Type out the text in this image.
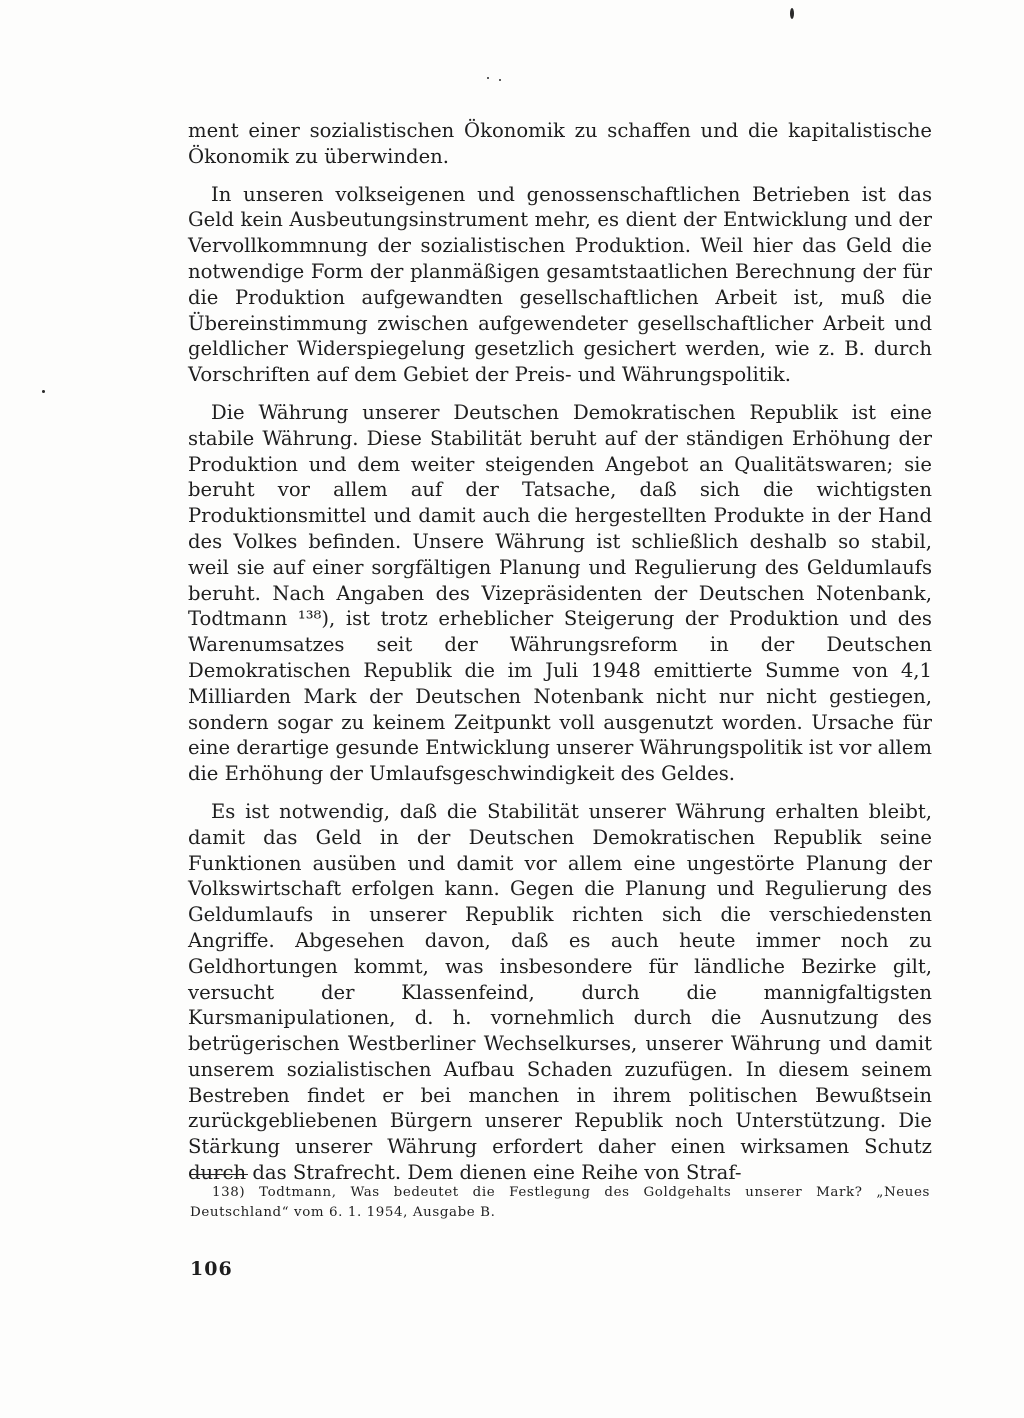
ment einer sozialistischen Ökonomik zu schaffen und die kapitalistische Ökonomik zu überwinden.

In unseren volkseigenen und genossenschaftlichen Betrieben ist das Geld kein Ausbeutungsinstrument mehr, es dient der Entwicklung und der Vervollkommnung der sozialistischen Produktion. Weil hier das Geld die notwendige Form der planmäßigen gesamtstaatlichen Berechnung der für die Produktion aufgewandten gesellschaftlichen Arbeit ist, muß die Übereinstimmung zwischen aufgewendeter gesellschaftlicher Arbeit und geldlicher Widerspiegelung gesetzlich gesichert werden, wie z. B. durch Vorschriften auf dem Gebiet der Preis- und Währungspolitik.

Die Währung unserer Deutschen Demokratischen Republik ist eine stabile Währung. Diese Stabilität beruht auf der ständigen Erhöhung der Produktion und dem weiter steigenden Angebot an Qualitätswaren; sie beruht vor allem auf der Tatsache, daß sich die wichtigsten Produktionsmittel und damit auch die hergestellten Produkte in der Hand des Volkes befinden. Unsere Währung ist schließlich deshalb so stabil, weil sie auf einer sorgfältigen Planung und Regulierung des Geldumlaufs beruht. Nach Angaben des Vizepräsidenten der Deutschen Notenbank, Todtmann ¹³⁸), ist trotz erheblicher Steigerung der Produktion und des Warenumsatzes seit der Währungsreform in der Deutschen Demokratischen Republik die im Juli 1948 emittierte Summe von 4,1 Milliarden Mark der Deutschen Notenbank nicht nur nicht gestiegen, sondern sogar zu keinem Zeitpunkt voll ausgenutzt worden. Ursache für eine derartige gesunde Entwicklung unserer Währungspolitik ist vor allem die Erhöhung der Umlaufsgeschwindigkeit des Geldes.

Es ist notwendig, daß die Stabilität unserer Währung erhalten bleibt, damit das Geld in der Deutschen Demokratischen Republik seine Funktionen ausüben und damit vor allem eine ungestörte Planung der Volkswirtschaft erfolgen kann. Gegen die Planung und Regulierung des Geldumlaufs in unserer Republik richten sich die verschiedensten Angriffe. Abgesehen davon, daß es auch heute immer noch zu Geldhortungen kommt, was insbesondere für ländliche Bezirke gilt, versucht der Klassenfeind, durch die mannigfaltigsten Kursmanipulationen, d. h. vornehmlich durch die Ausnutzung des betrügerischen Westberliner Wechselkurses, unserer Währung und damit unserem sozialistischen Aufbau Schaden zuzufügen. In diesem seinem Bestreben findet er bei manchen in ihrem politischen Bewußtsein zurückgebliebenen Bürgern unserer Republik noch Unterstützung. Die Stärkung unserer Währung erfordert daher einen wirksamen Schutz durch das Strafrecht. Dem dienen eine Reihe von Straf-

138) Todtmann, Was bedeutet die Festlegung des Goldgehalts unserer Mark? „Neues Deutschland“ vom 6. 1. 1954, Ausgabe B.

106
